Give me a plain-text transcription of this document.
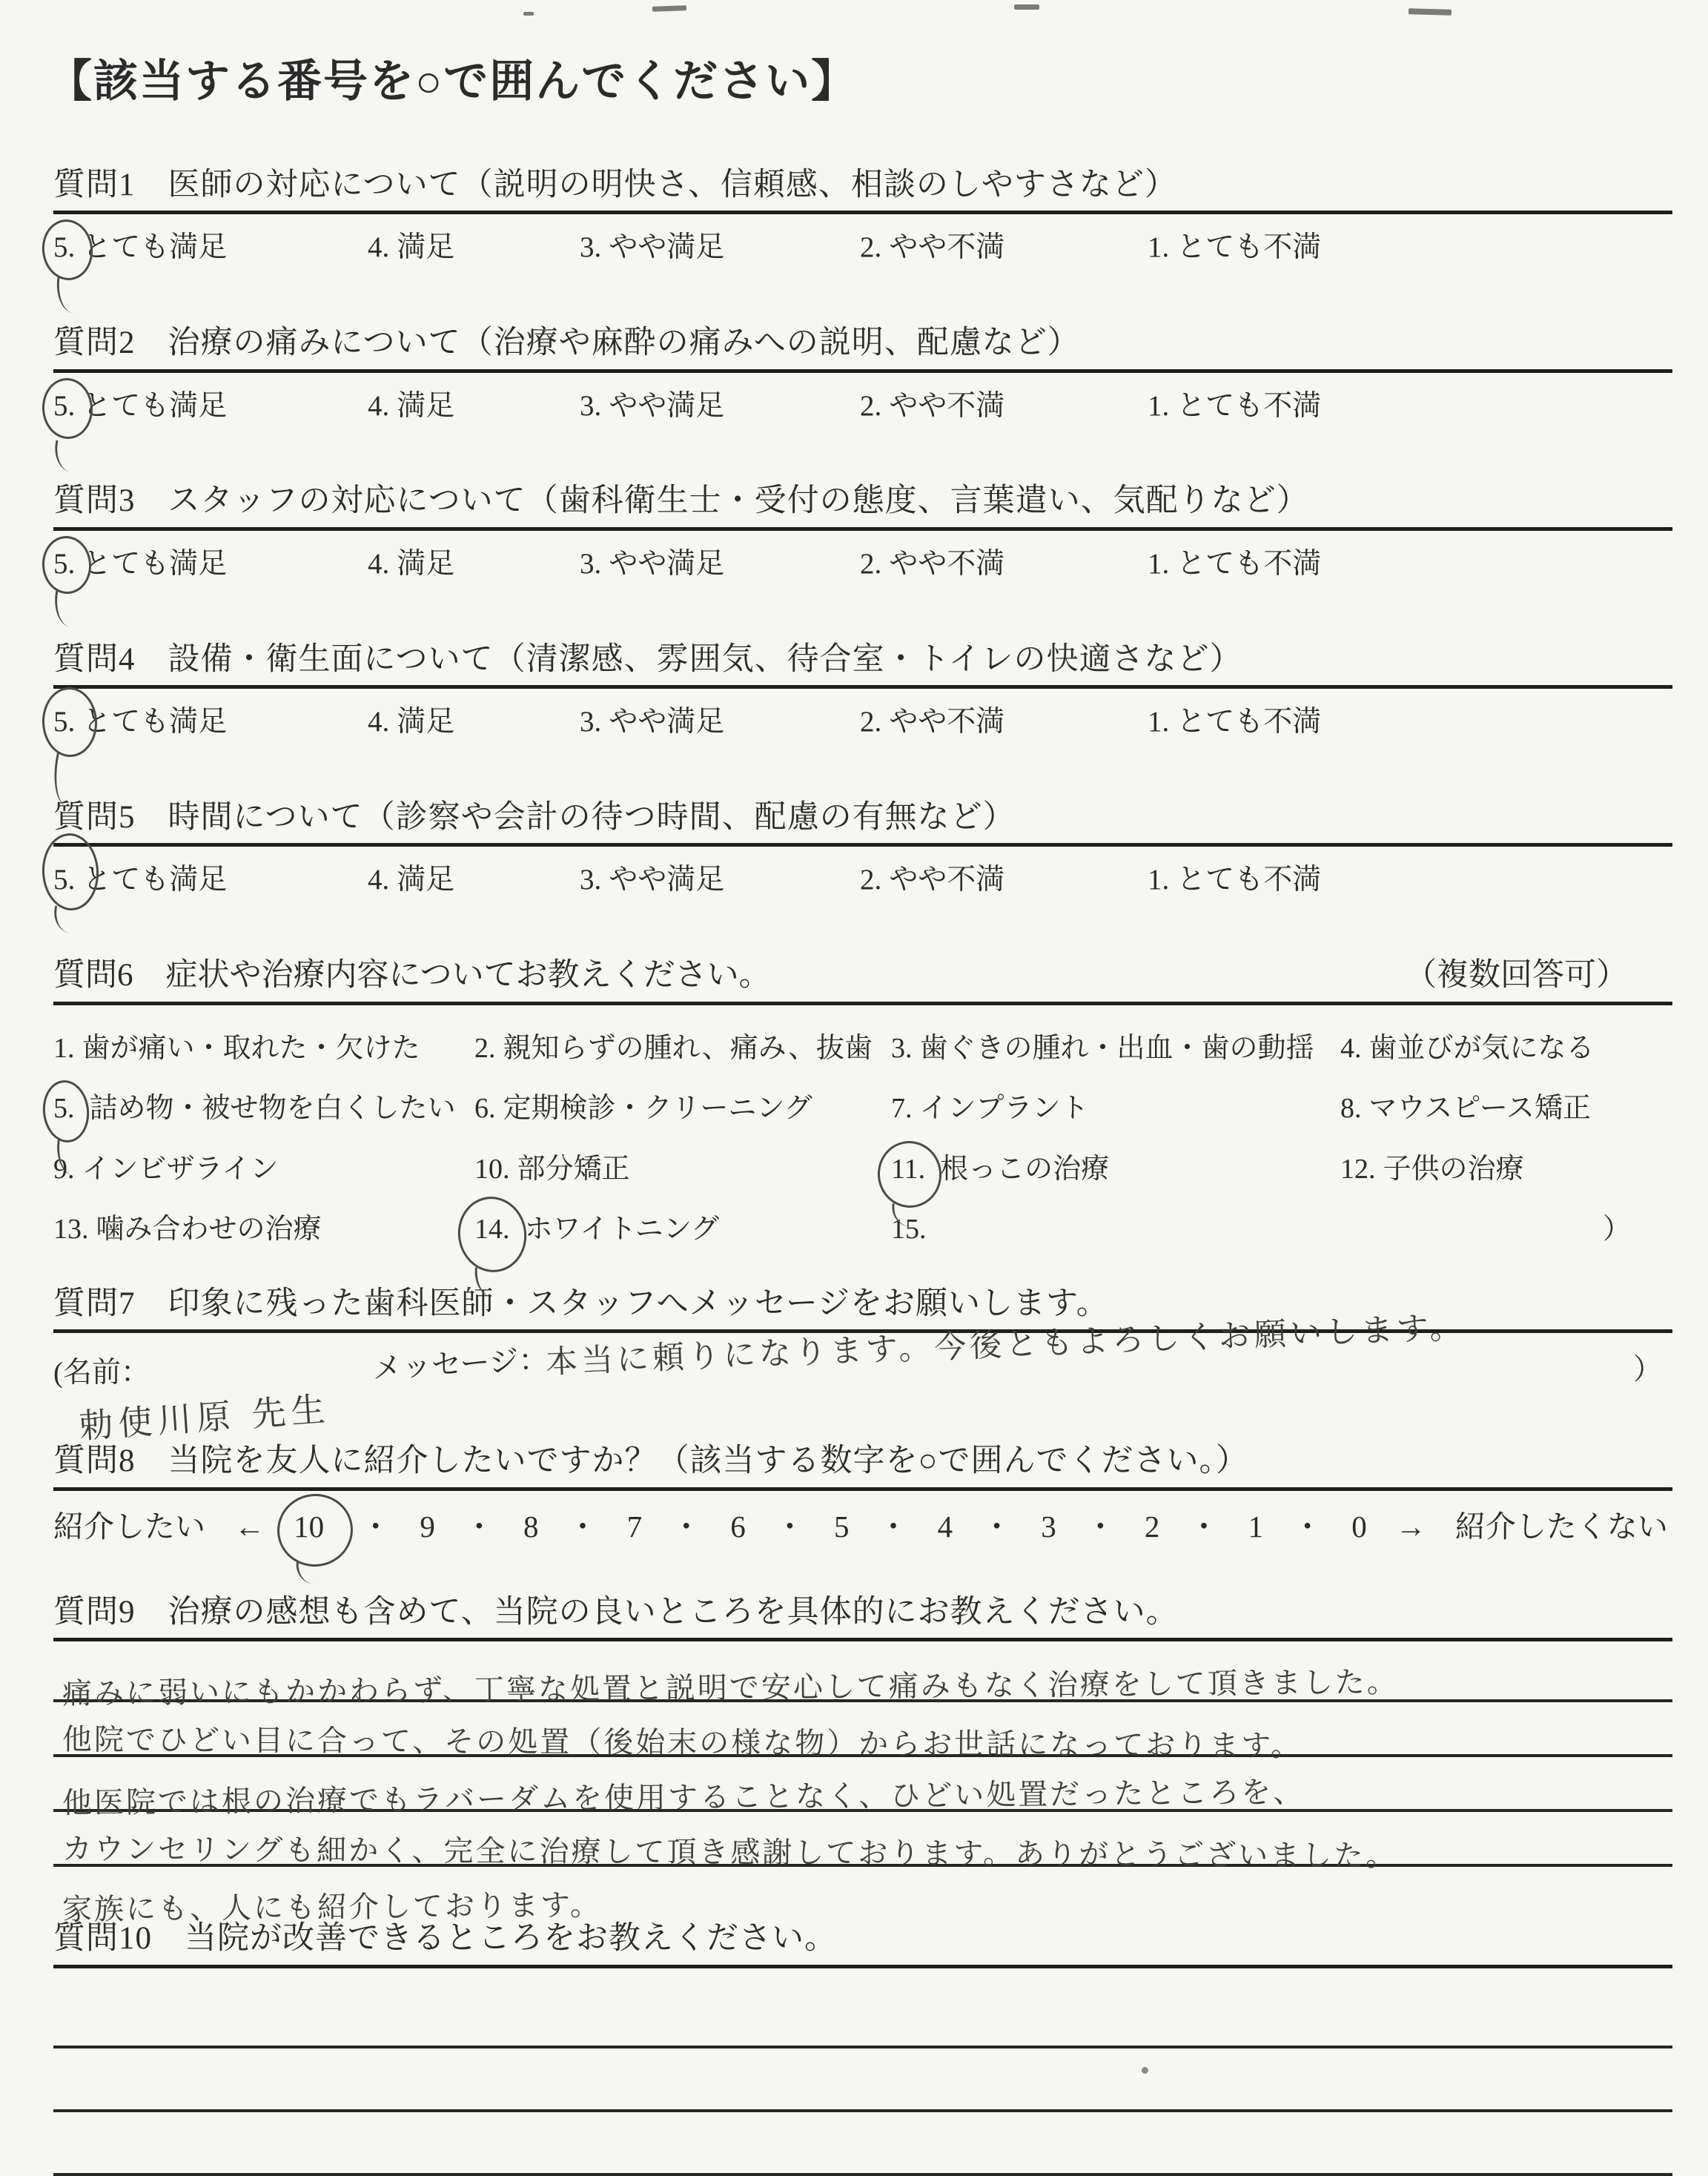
【該当する番号を○で囲んでください】
質問1 医師の対応について（説明の明快さ、信頼感、相談のしやすさなど）
5. とても満足	4. 満足	3. やや満足	2. やや不満	1. とても不満
質問2 治療の痛みについて（治療や麻酔の痛みへの説明、配慮など）
5. とても満足	4. 満足	3. やや満足	2. やや不満	1. とても不満
質問3 スタッフの対応について（歯科衛生士・受付の態度、言葉遣い、気配りなど）
5. とても満足	4. 満足	3. やや満足	2. やや不満	1. とても不満
質問4 設備・衛生面について（清潔感、雰囲気、待合室・トイレの快適さなど）
5. とても満足	4. 満足	3. やや満足	2. やや不満	1. とても不満
質問5 時間について（診察や会計の待つ時間、配慮の有無など）
5. とても満足	4. 満足	3. やや満足	2. やや不満	1. とても不満
質問6 症状や治療内容についてお教えください。	（複数回答可）
1. 歯が痛い・取れた・欠けた 2. 親知らずの腫れ、痛み、抜歯 3. 歯ぐきの腫れ・出血・歯の動揺 4. 歯並びが気になる
5. 詰め物・被せ物を白くしたい 6. 定期検診・クリーニング	7. インプラント	8. マウスピース矯正
9. インビザライン	10. 部分矯正	11. 根っこの治療	12. 子供の治療
13. 噛み合わせの治療	14. ホワイトニング	15.	）
質問7 印象に残った歯科医師・スタッフへメッセージをお願いします。
(名前：
勅使川原 先生
メッセージ：
本当に頼りになります。今後ともよろしくお願いします。	）
質問8 当院を友人に紹介したいですか？（該当する数字を○で囲んでください。）
紹介したい ← 10 ・ 9 ・ 8 ・ 7 ・ 6 ・ 5 ・ 4 ・ 3 ・ 2 ・ 1 ・ 0 → 紹介したくない
質問9 治療の感想も含めて、当院の良いところを具体的にお教えください。
痛みに弱いにもかかわらず、丁寧な処置と説明で安心して痛みもなく治療をして頂きました。
他院でひどい目に合って、その処置（後始末の様な物）からお世話になっております。
他医院では根の治療でもラバーダムを使用することなく、ひどい処置だったところを、
カウンセリングも細かく、完全に治療して頂き感謝しております。ありがとうございました。
家族にも、人にも紹介しております。
質問10 当院が改善できるところをお教えください。
